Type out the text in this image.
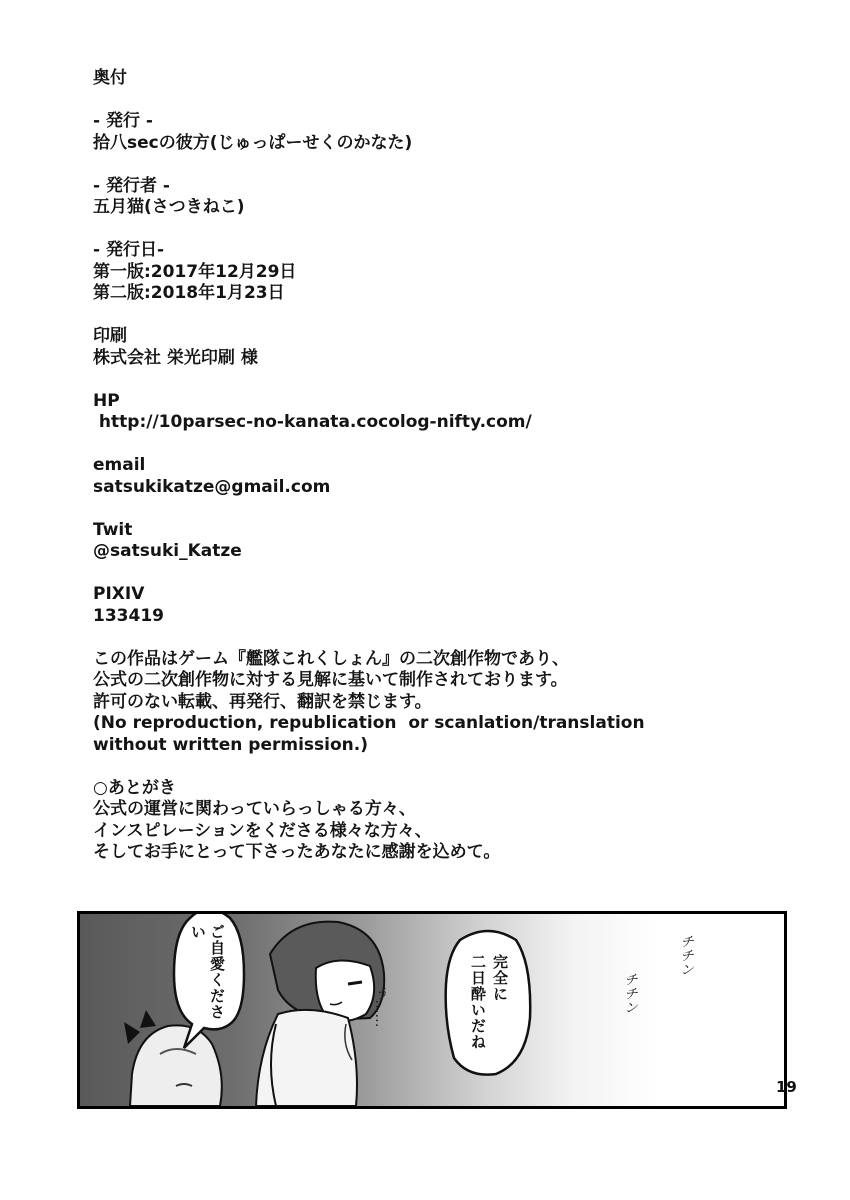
奥付
- 発行 -
拾八secの彼方(じゅっぱーせくのかなた)
- 発行者 -
五月猫(さつきねこ)
- 発行日-
第一版:2017年12月29日
第二版:2018年1月23日
印刷
株式会社 栄光印刷 様
HP
http://10parsec-no-kanata.cocolog-nifty.com/
email
satsukikatze@gmail.com
Twit
@satsuki_Katze
PIXIV
133419
この作品はゲーム『艦隊これくしょん』の二次創作物であり、
公式の二次創作物に対する見解に基いて制作されております。
許可のない転載、再発行、翻訳を禁じます。
(No reproduction, republication  or scanlation/translation
without written permission.)
○あとがき
公式の運営に関わっていらっしゃる方々、
インスピレーションをくださる様々な方々、
そしてお手にとって下さったあなたに感謝を込めて。
ご自愛ください
完全に
二日酔いだね
う……
チチン
チチン
19
